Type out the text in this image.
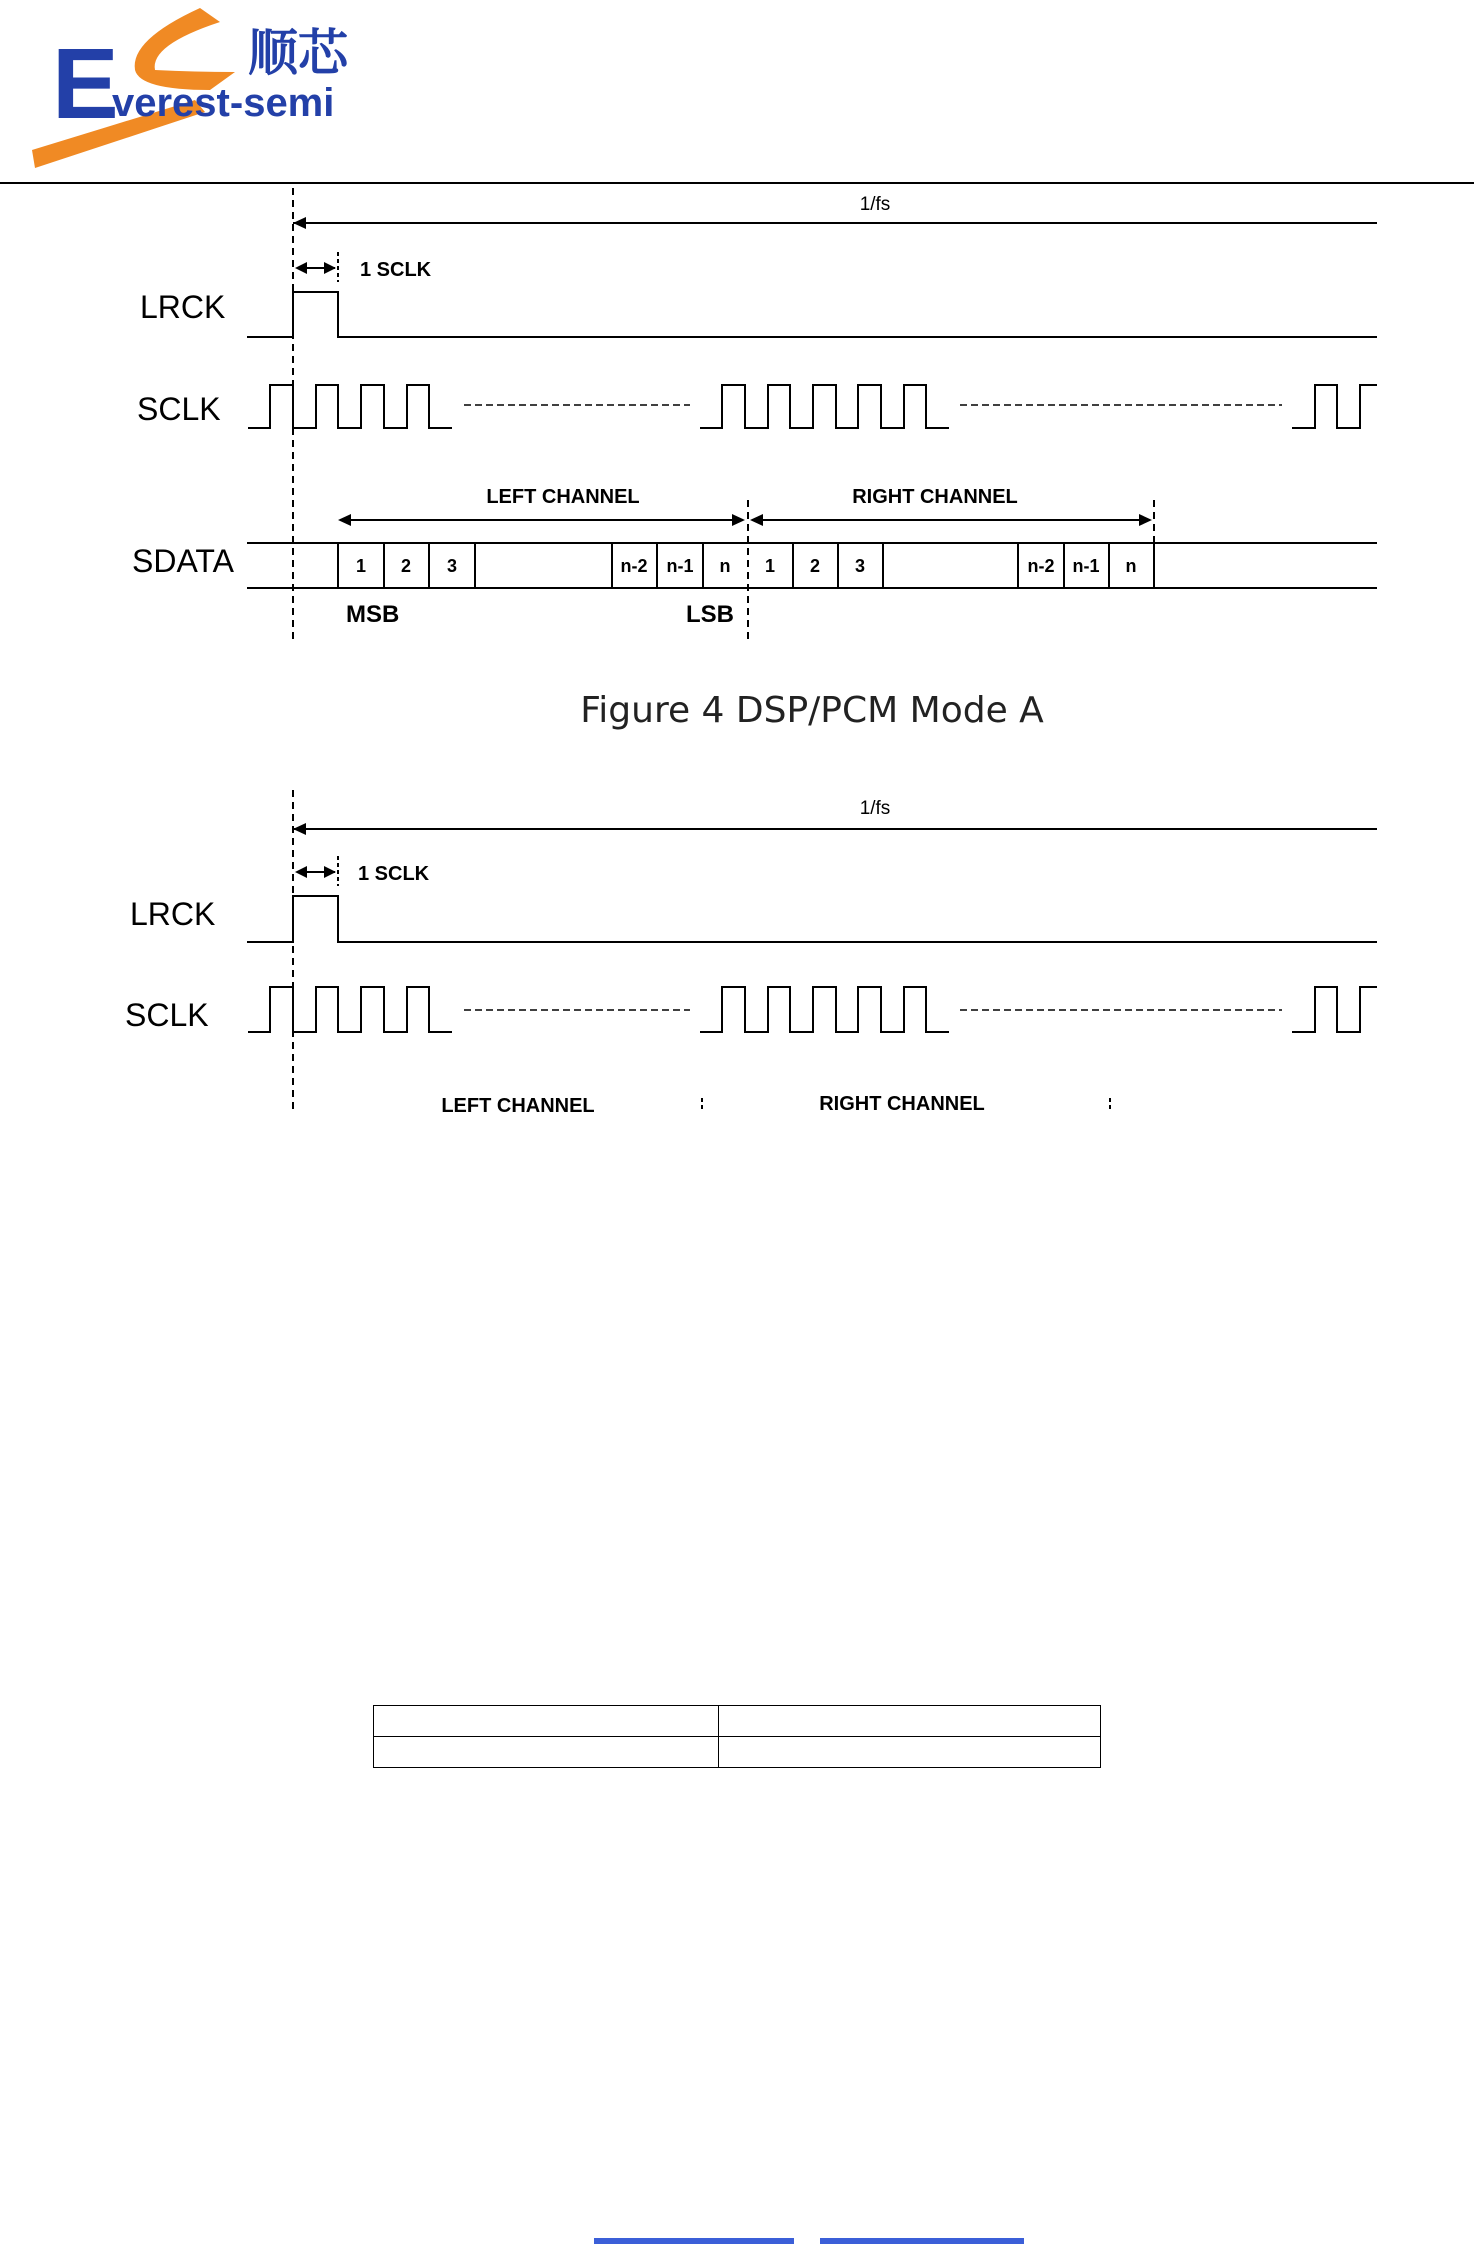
E
verest-semi
顺芯
1/fs
1 SCLK
LRCK
SCLK
LEFT CHANNEL	RIGHT CHANNEL
SDATA	1 2 3	n-2 n-1 n 1 2 3	n-2 n-1 n
MSB	LSB
Figure 4 DSP/PCM Mode A
1/fs
1 SCLK
LRCK
SCLK
LEFT CHANNEL	RIGHT CHANNEL
